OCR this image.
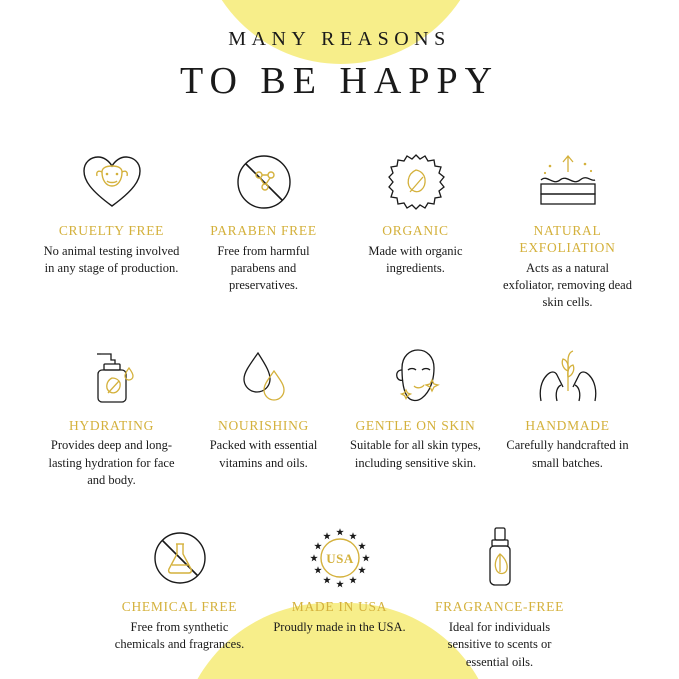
MANY REASONS
TO BE HAPPY
CRUELTY FREE
No animal testing involved in any stage of production.
PARABEN FREE
Free from harmful parabens and preservatives.
ORGANIC
Made with organic ingredients.
NATURAL EXFOLIATION
Acts as a natural exfoliator, removing dead skin cells.
HYDRATING
Provides deep and long-lasting hydration for face and body.
NOURISHING
Packed with essential vitamins and oils.
GENTLE ON SKIN
Suitable for all skin types, including sensitive skin.
HANDMADE
Carefully handcrafted in small batches.
CHEMICAL FREE
Free from synthetic chemicals and fragrances.
USA
MADE IN USA
Proudly made in the USA.
FRAGRANCE-FREE
Ideal for individuals sensitive to scents or essential oils.
